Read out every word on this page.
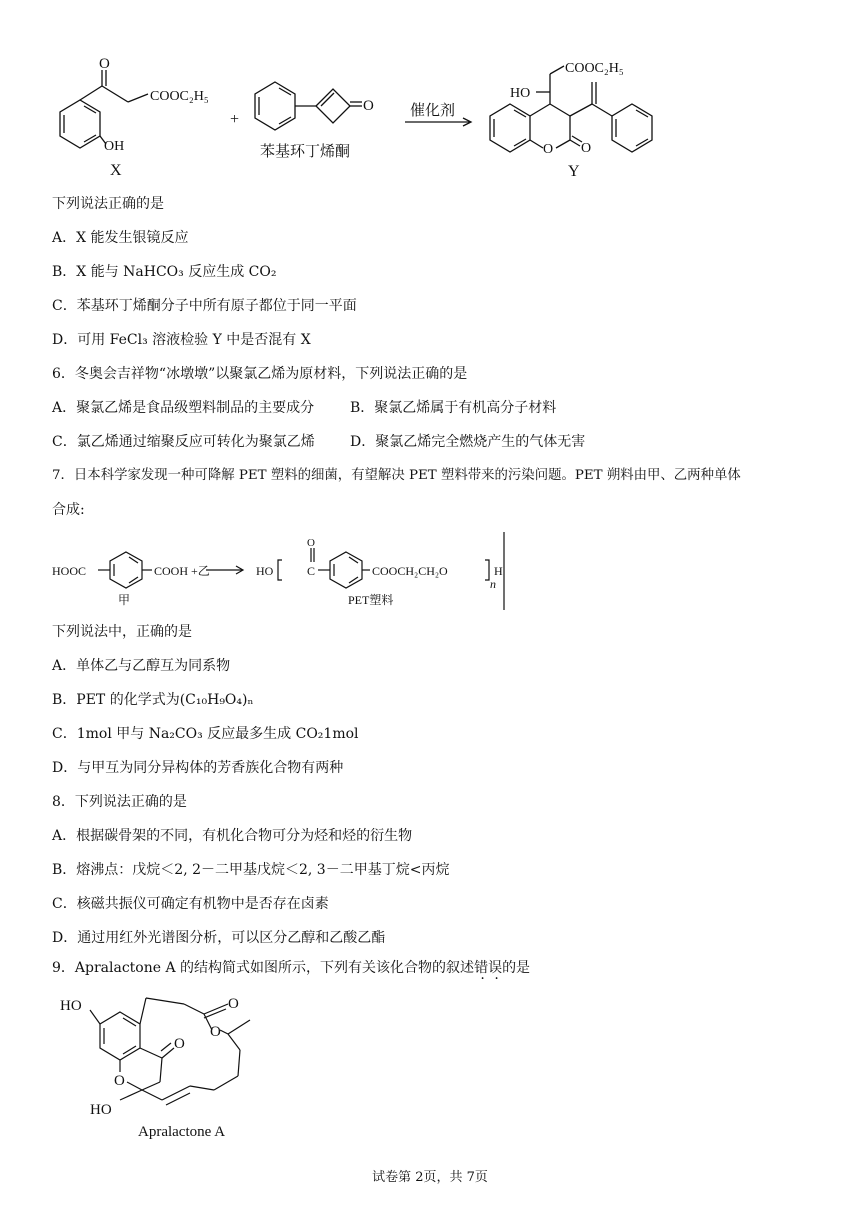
O
COOC₂H₅
OH
X
+
O
苯基环丁烯酮
催化剂
HO
COOC₂H₅
O O
Y
下列说法正确的是
A．X 能发生银镜反应
B．X 能与 NaHCO₃ 反应生成 CO₂
C．苯基环丁烯酮分子中所有原子都位于同一平面
D．可用 FeCl₃ 溶液检验 Y 中是否混有 X
6．冬奥会吉祥物“冰墩墩”以聚氯乙烯为原材料，下列说法正确的是
A．聚氯乙烯是食品级塑料制品的主要成分	B．聚氯乙烯属于有机高分子材料
C．氯乙烯通过缩聚反应可转化为聚氯乙烯	D．聚氯乙烯完全燃烧产生的气体无害
7．日本科学家发现一种可降解 PET 塑料的细菌，有望解决 PET 塑料带来的污染问题。PET 朔料由甲、乙两种单体
合成:
HOOC	COOH +乙
甲
HO
O
C	COOCH₂CH₂O
n
H
PET塑料
下列说法中，正确的是
A．单体乙与乙醇互为同系物
B．PET 的化学式为(C₁₀H₉O₄)ₙ
C．1mol 甲与 Na₂CO₃ 反应最多生成 CO₂1mol
D．与甲互为同分异构体的芳香族化合物有两种
8．下列说法正确的是
A．根据碳骨架的不同，有机化合物可分为烃和烃的衍生物
B．熔沸点：戊烷＜2, 2－二甲基戊烷＜2, 3－二甲基丁烷<丙烷
C．核磁共振仪可确定有机物中是否存在卤素
D．通过用红外光谱图分析，可以区分乙醇和乙酸乙酯
9．Apralactone A 的结构简式如图所示，下列有关该化合物的叙述错误的是
HO
O
O
O
O
HO
Apralactone A
试卷第 2页，共 7页
